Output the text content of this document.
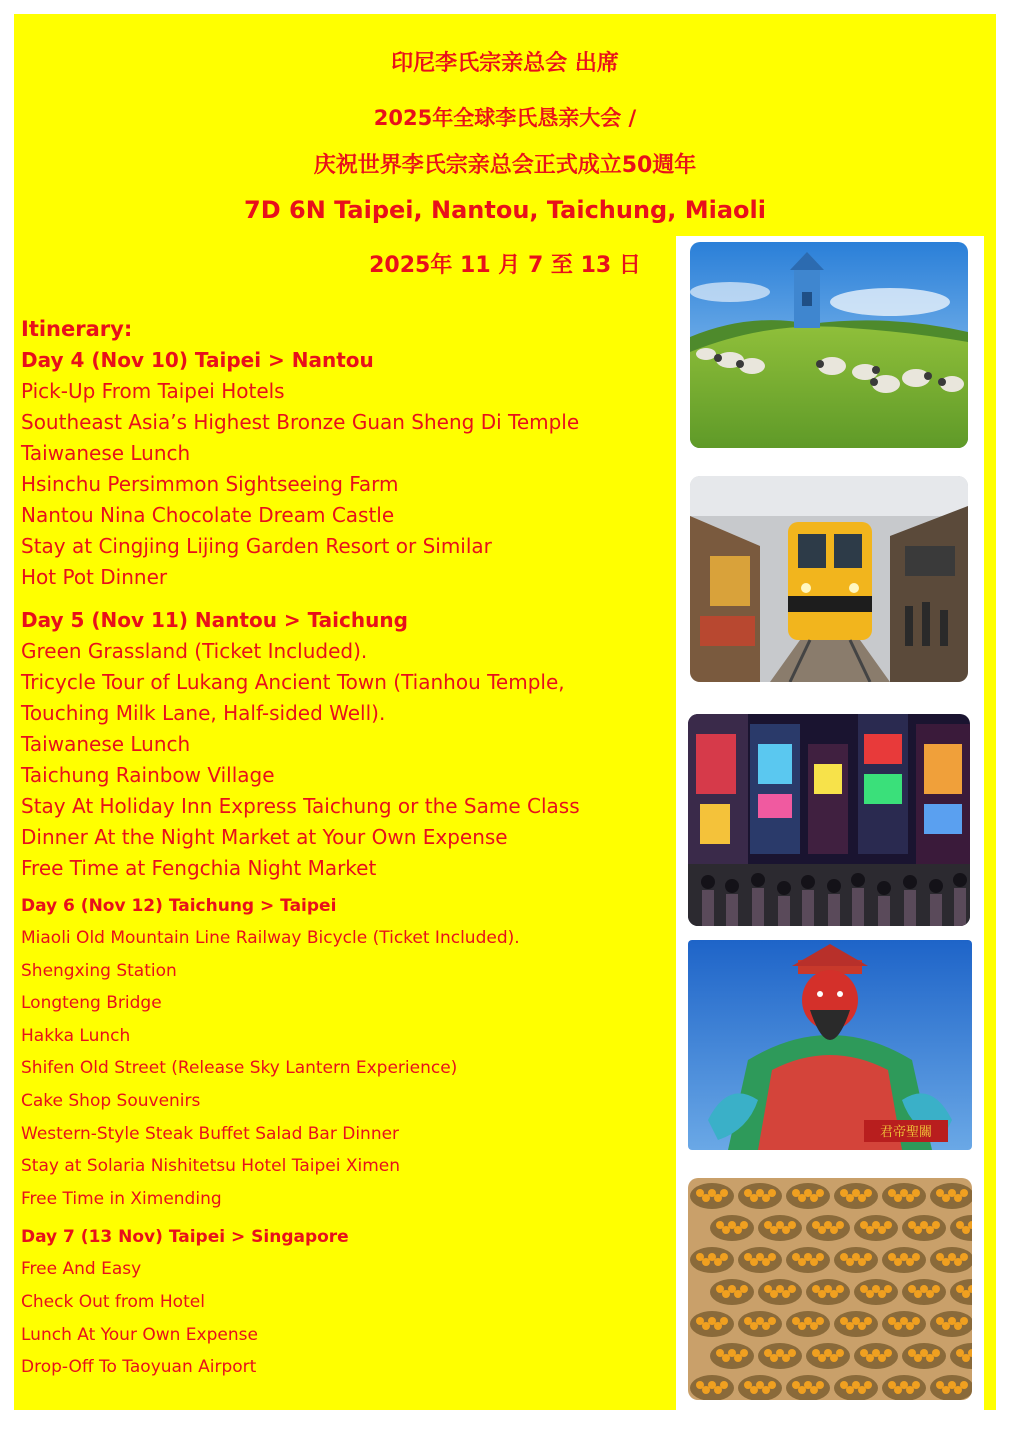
印尼李氏宗亲总会 出席
2025年全球李氏恳亲大会 /
庆祝世界李氏宗亲总会正式成立50週年
7D 6N Taipei, Nantou, Taichung, Miaoli
2025年 11 月 7 至 13 日
Itinerary:
Day 4 (Nov 10) Taipei > Nantou
Pick-Up From Taipei Hotels
Southeast Asia’s Highest Bronze Guan Sheng Di Temple
Taiwanese Lunch
Hsinchu Persimmon Sightseeing Farm
Nantou Nina Chocolate Dream Castle
Stay at Cingjing Lijing Garden Resort or Similar
Hot Pot Dinner
Day 5 (Nov 11) Nantou > Taichung
Green Grassland (Ticket Included).
Tricycle Tour of Lukang Ancient Town (Tianhou Temple,
Touching Milk Lane, Half-sided Well).
Taiwanese Lunch
Taichung Rainbow Village
Stay At Holiday Inn Express Taichung or the Same Class
Dinner At the Night Market at Your Own Expense
Free Time at Fengchia Night Market
Day 6 (Nov 12) Taichung > Taipei
Miaoli Old Mountain Line Railway Bicycle (Ticket Included).
Shengxing Station
Longteng Bridge
Hakka Lunch
Shifen Old Street (Release Sky Lantern Experience)
Cake Shop Souvenirs
Western-Style Steak Buffet Salad Bar Dinner
Stay at Solaria Nishitetsu Hotel Taipei Ximen
Free Time in Ximending
Day 7 (13 Nov) Taipei > Singapore
Free And Easy
Check Out from Hotel
Lunch At Your Own Expense
Drop-Off To Taoyuan Airport
君帝聖關
